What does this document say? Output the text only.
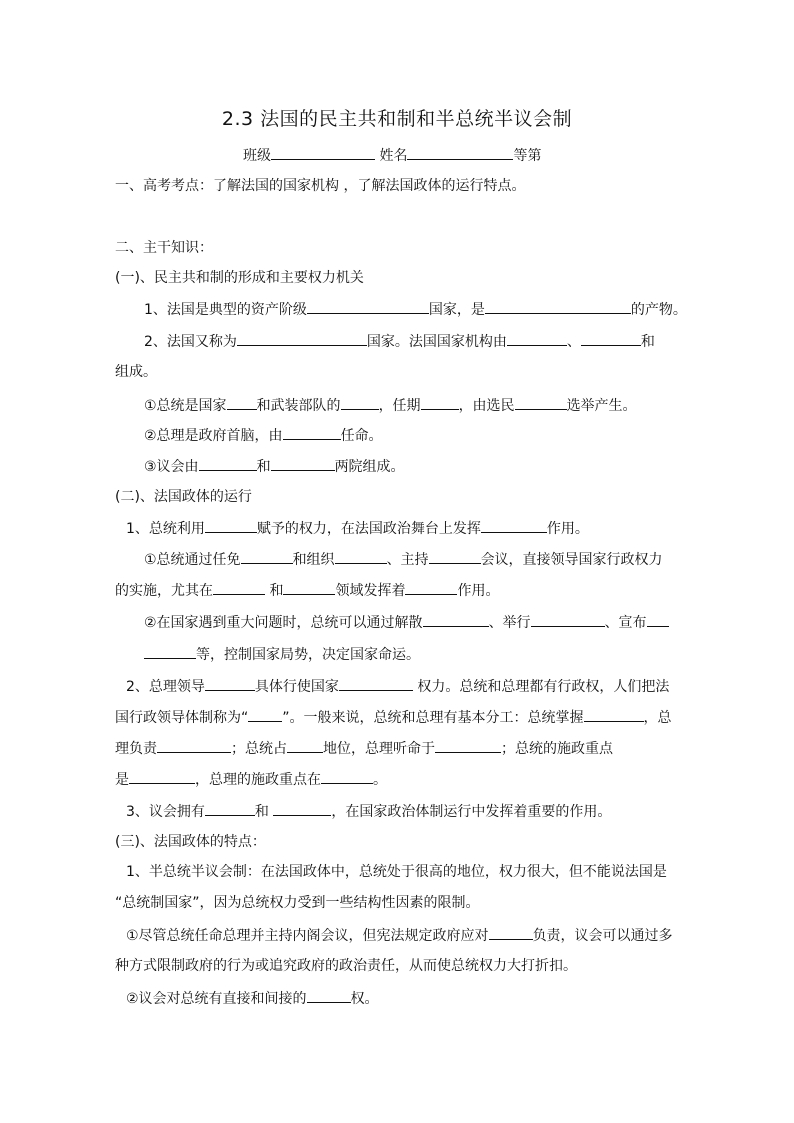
2.3 法国的民主共和制和半总统半议会制
班级	姓名	等第
一、高考考点：了解法国的国家机构 ，了解法国政体的运行特点。
二、主干知识：
(一)、民主共和制的形成和主要权力机关
1、法国是典型的资产阶级	国家，是	的产物。
2、法国又称为	国家。法国国家机构由	、	和
组成。
①总统是国家 和武装部队的	，任期	，由选民	选举产生。
②总理是政府首脑，由	任命。
③议会由	和	两院组成。
(二)、法国政体的运行
1、总统利用	赋予的权力，在法国政治舞台上发挥	作用。
①总统通过任免	和组织	、主持	会议，直接领导国家行政权力
的实施，尤其在	和	领域发挥着	作用。
②在国家遇到重大问题时，总统可以通过解散	、举行	、宣布
等，控制国家局势，决定国家命运。
2、总理领导	具体行使国家	权力。总统和总理都有行政权，人们把法
国行政领导体制称为“ ”。一般来说，总统和总理有基本分工：总统掌握	，总
理负责	；总统占	地位，总理听命于	；总统的施政重点
是	，总理的施政重点在	。
3、议会拥有	和	，在国家政治体制运行中发挥着重要的作用。
(三)、法国政体的特点：
1、半总统半议会制：在法国政体中，总统处于很高的地位，权力很大，但不能说法国是
“总统制国家”，因为总统权力受到一些结构性因素的限制。
①尽管总统任命总理并主持内阁会议，但宪法规定政府应对	负责，议会可以通过多
种方式限制政府的行为或追究政府的政治责任，从而使总统权力大打折扣。
②议会对总统有直接和间接的	权。
